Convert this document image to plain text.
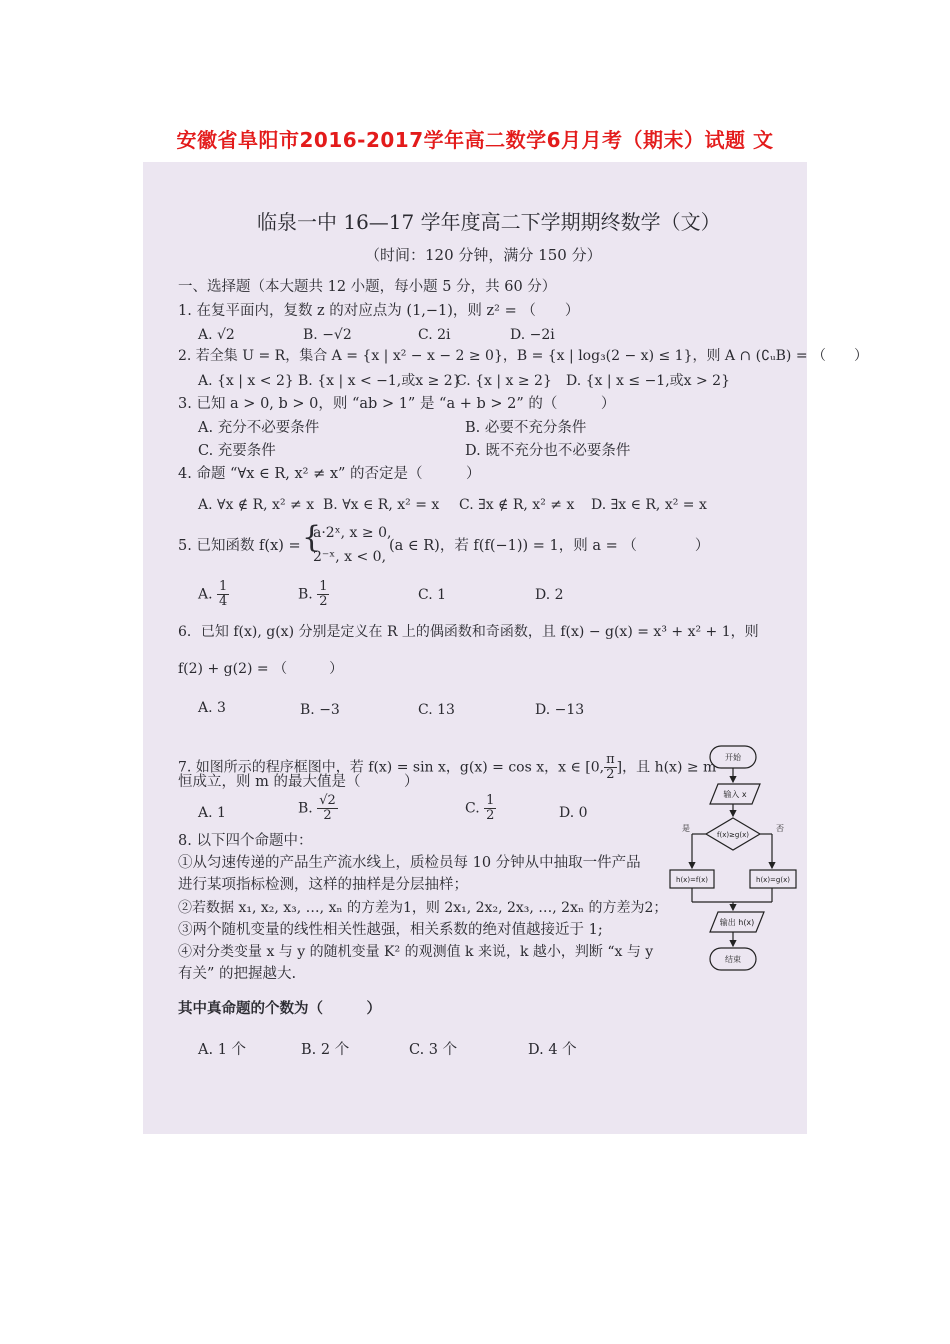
安徽省阜阳市2016-2017学年高二数学6月月考（期末）试题 文
临泉一中 16—17 学年度高二下学期期终数学（文）
（时间：120 分钟，满分 150 分）
一、选择题（本大题共 12 小题，每小题 5 分，共 60 分）
1. 在复平面内，复数 z 的对应点为 (1,−1)，则 z² = （　　）
A. √2	B. −√2	C. 2i	D. −2i
2. 若全集 U = R，集合 A = {x | x² − x − 2 ≥ 0}，B = {x | log₃(2 − x) ≤ 1}，则 A ∩ (∁ᵤB) = （　　）
A. {x | x < 2} B. {x | x < −1,或x ≥ 2}
C. {x | x ≥ 2} D. {x | x ≤ −1,或x > 2}
3. 已知 a > 0, b > 0，则 “ab > 1” 是 “a + b > 2” 的（　　　）
A. 充分不必要条件	B. 必要不充分条件
C. 充要条件	D. 既不充分也不必要条件
4. 命题 “∀x ∈ R, x² ≠ x” 的否定是（　　　）
A. ∀x ∉ R, x² ≠ x B. ∀x ∈ R, x² = x C. ∃x ∉ R, x² ≠ x D. ∃x ∈ R, x² = x
5. 已知函数 f(x) = {
a·2ˣ, x ≥ 0,
2⁻ˣ, x < 0,
(a ∈ R)，若 f(f(−1)) = 1，则 a = （　　　　）
A. $\frac{1}{4}$	B. $\frac{1}{2}$	C. 1	D. 2
6．已知 f(x), g(x) 分别是定义在 R 上的偶函数和奇函数，且 f(x) − g(x) = x³ + x² + 1，则
f(2) + g(2) = （　　　）
A. 3	B. −3	C. 13	D. −13
7. 如图所示的程序框图中，若 f(x) = sin x，g(x) = cos x，x ∈ [0, $\frac{\pi}{2}$ ]，且 h(x) ≥ m
恒成立，则 m 的最大值是（　　　）
A. 1	B. $\frac{√2}{2}$	C. $\frac{1}{2}$	D. 0
8. 以下四个命题中：
①从匀速传递的产品生产流水线上，质检员每 10 分钟从中抽取一件产品
进行某项指标检测，这样的抽样是分层抽样；
②若数据 x₁, x₂, x₃, …, xₙ 的方差为1，则 2x₁, 2x₂, 2x₃, …, 2xₙ 的方差为2；
③两个随机变量的线性相关性越强，相关系数的绝对值越接近于 1;
④对分类变量 x 与 y 的随机变量 K² 的观测值 k 来说，k 越小，判断 “x 与 y
有关” 的把握越大.
其中真命题的个数为（　　　）
A. 1 个	B. 2 个	C. 3 个	D. 4 个
开始
输入 x
f(x)≥g(x)
是	否
h(x)=f(x)	h(x)=g(x)
输出 h(x)
结束
